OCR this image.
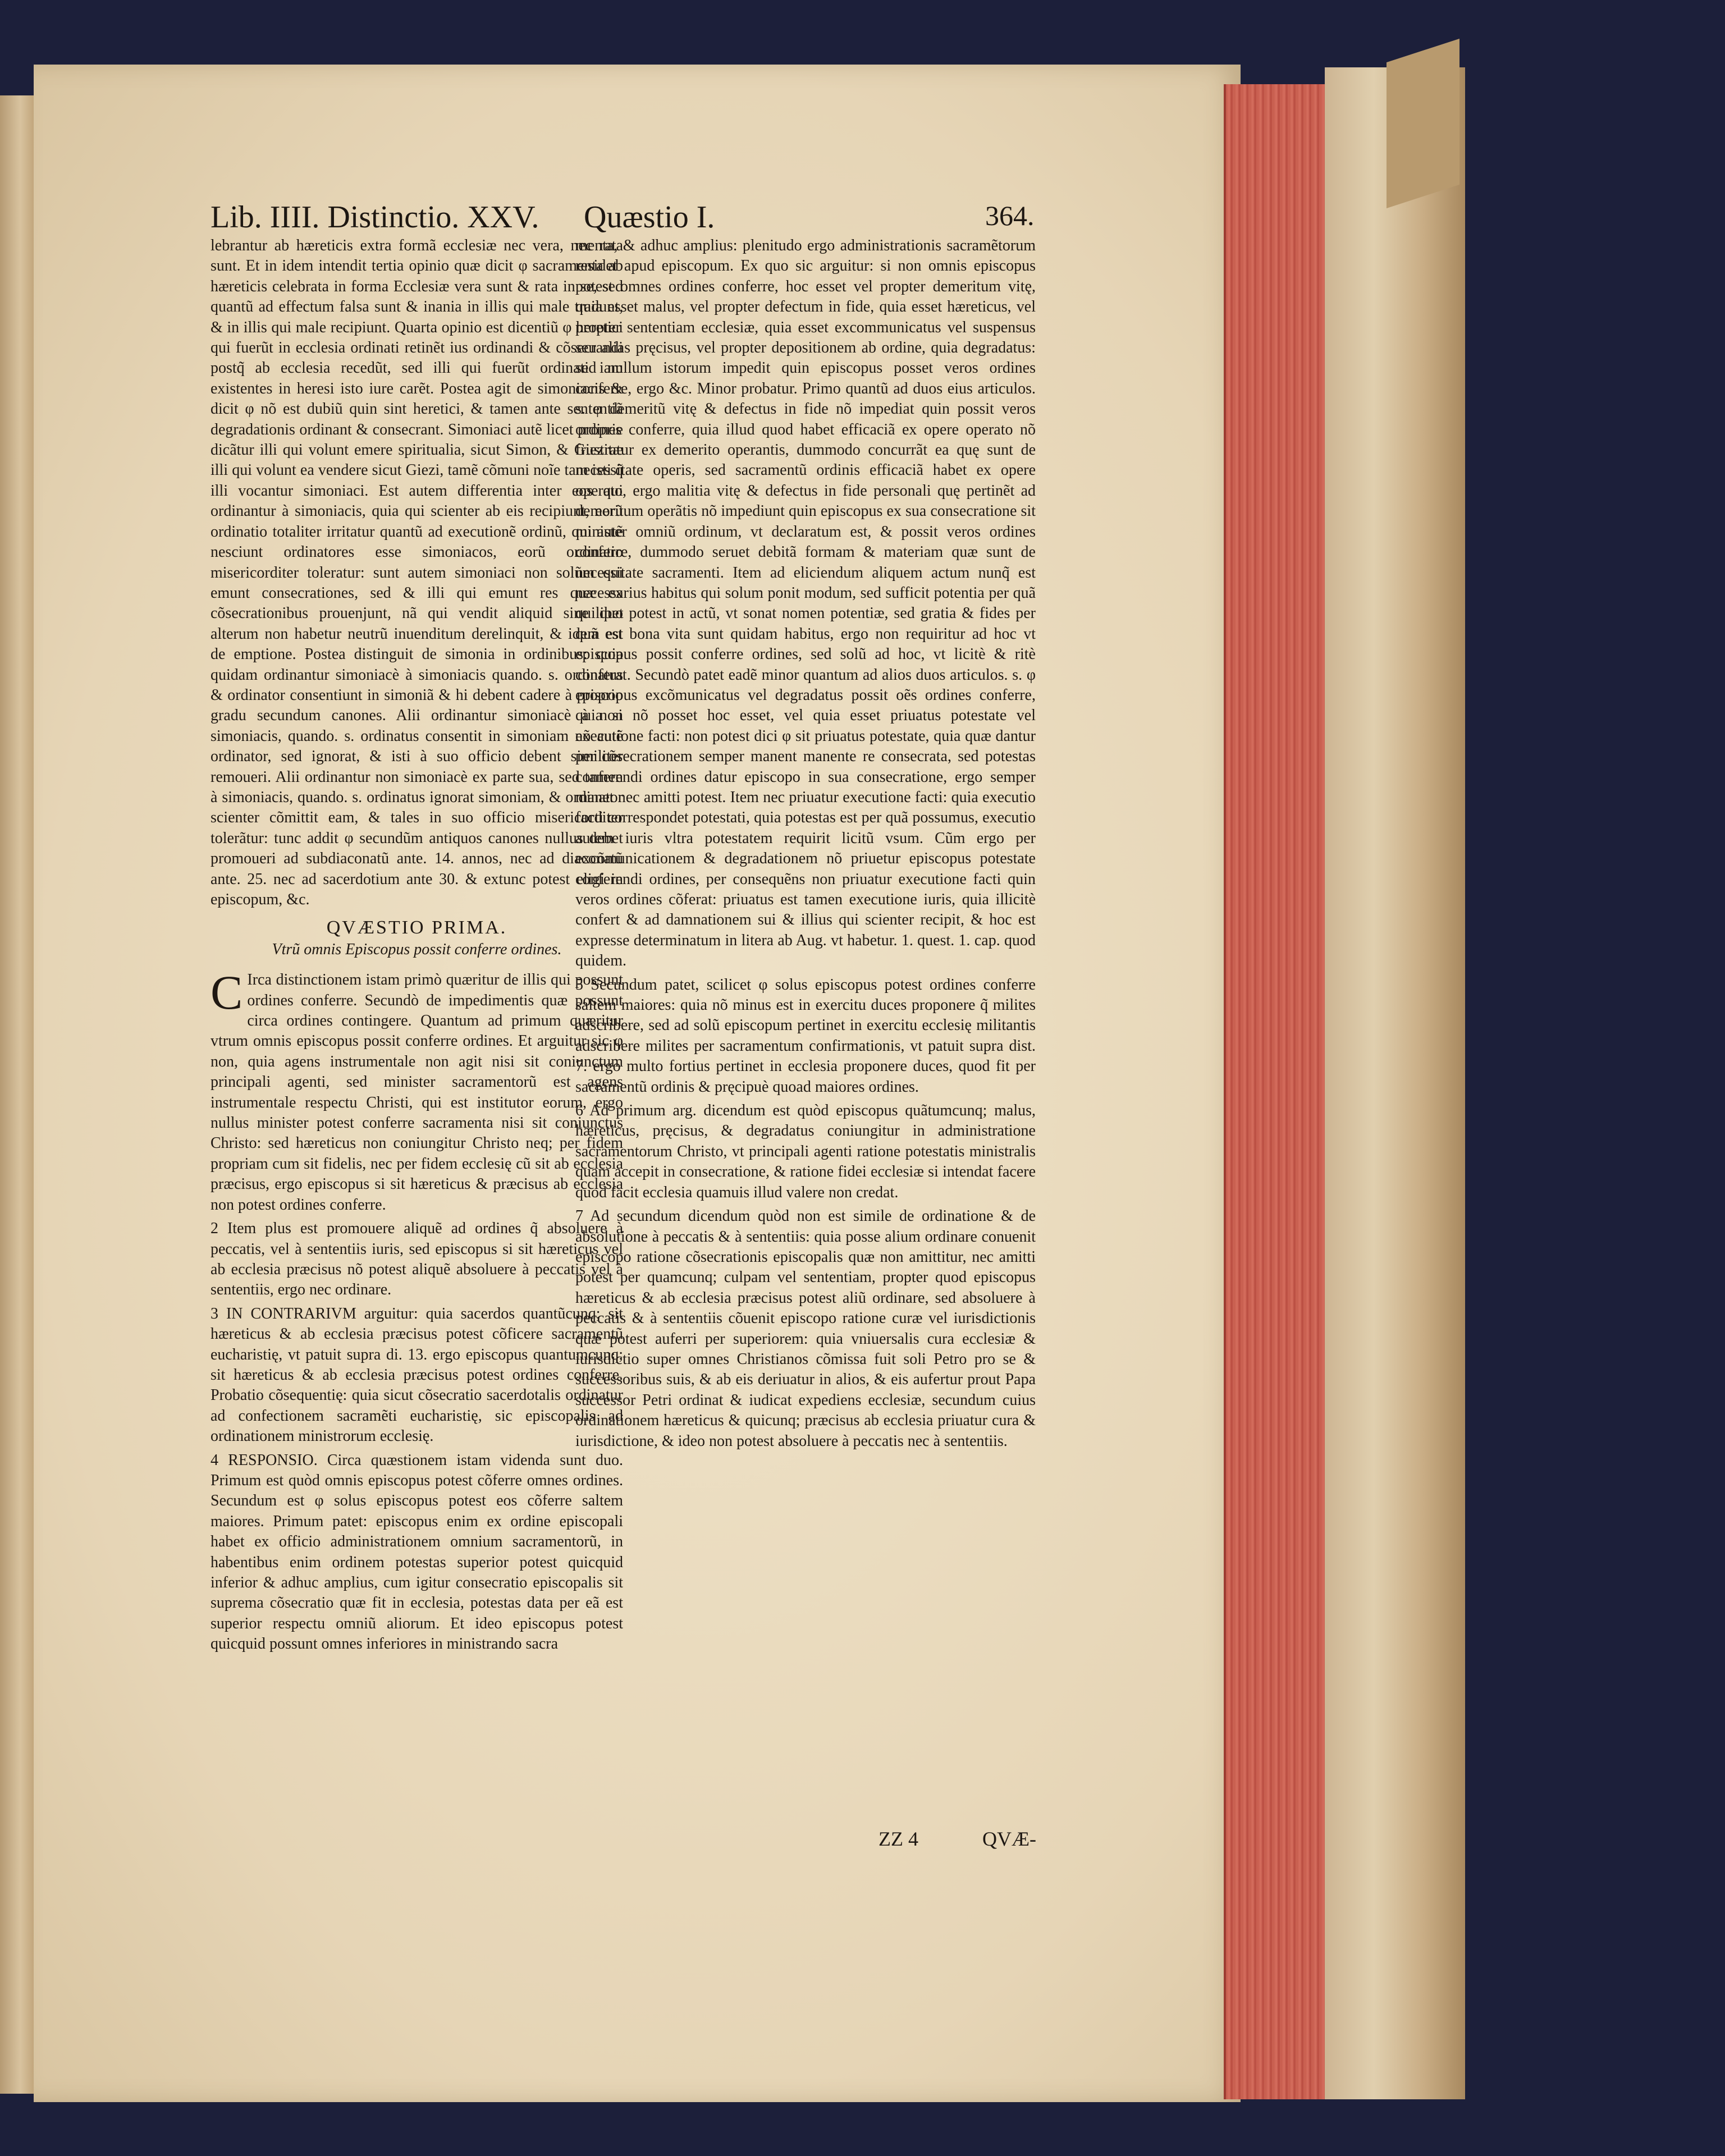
Lib. IIII. Distinctio. XXV. Quæstio I.	364.

lebrantur ab hæreticis extra formã ecclesiæ nec vera, nec rata sunt. Et in idem intendit tertia opinio quæ dicit φ sacramenta ab hæreticis celebrata in forma Ecclesiæ vera sunt & rata in se, sed quantũ ad effectum falsa sunt & inania in illis qui male tradunt, & in illis qui male recipiunt. Quarta opinio est dicentiũ φ heretici qui fuerũt in ecclesia ordinati retinẽt ius ordinandi & cõsecrandi postq̃ ab ecclesia recedũt, sed illi qui fuerũt ordinati iam existentes in heresi isto iure carẽt. Postea agit de simoniacis & dicit φ nõ est dubiũ quin sint heretici, & tamen ante sententiã degradationis ordinant & consecrant. Simoniaci autẽ licet proprie dicãtur illi qui volunt emere spiritualia, sicut Simon, & Giezitæ illi qui volunt ea vendere sicut Giezi, tamẽ cõmuni noĩe tam isti q̃ illi vocantur simoniaci. Est autem differentia inter eos qui ordinantur à simoniacis, quia qui scienter ab eis recipiunt, eorũ ordinatio totaliter irritatur quantũ ad executionẽ ordinũ, qui autẽ nesciunt ordinatores esse simoniacos, eorũ ordinatio misericorditer toleratur: sunt autem simoniaci non solũm qui emunt consecrationes, sed & illi qui emunt res quæ ex cõsecrationibus prouenjunt, nã qui vendit aliquid sine quo alterum non habetur neutrũ inuenditum derelinquit, & idem est de emptione. Postea distinguit de simonia in ordinibus: quia quidam ordinantur simoniacè à simoniacis quando. s. ordinatus & ordinator consentiunt in simoniã & hi debent cadere à proprio gradu secundum canones. Alii ordinantur simoniacè à non simoniacis, quando. s. ordinatus consentit in simoniam nõ autẽ ordinator, sed ignorat, & isti à suo officio debent similiter remoueri. Alii ordinantur non simoniacè ex parte sua, sed tamen à simoniacis, quando. s. ordinatus ignorat simoniam, & ordinator scienter cõmittit eam, & tales in suo officio misericorditer tolerãtur: tunc addit φ secundũm antiquos canones nullus debet promoueri ad subdiaconatũ ante. 14. annos, nec ad diaconatũ ante. 25. nec ad sacerdotium ante 30. & extunc potest eligi in episcopum, &c.

QVÆSTIO PRIMA.
Vtrũ omnis Episcopus possit conferre ordines.

C Irca distinctionem istam primò quæritur de illis qui possunt ordines conferre. Secundò de impedimentis quæ possunt circa ordines contingere. Quantum ad primum quæritur vtrum omnis episcopus possit conferre ordines. Et arguitur sic φ non, quia agens instrumentale non agit nisi sit coniunctum principali agenti, sed minister sacramentorũ est agens instrumentale respectu Christi, qui est institutor eorum, ergo nullus minister potest conferre sacramenta nisi sit coniunctus Christo: sed hæreticus non coniungitur Christo neq; per fidem propriam cum sit fidelis, nec per fidem ecclesię cũ sit ab ecclesia præcisus, ergo episcopus si sit hæreticus & præcisus ab ecclesia non potest ordines conferre.

2 Item plus est promouere aliquẽ ad ordines q̃ absoluere à peccatis, vel à sententiis iuris, sed episcopus si sit hæreticus vel ab ecclesia præcisus nõ potest aliquẽ absoluere à peccatis vel à sententiis, ergo nec ordinare.

3 IN CONTRARIVM arguitur: quia sacerdos quantũcunq; sit hæreticus & ab ecclesia præcisus potest cõficere sacramentũ eucharistię, vt patuit supra di. 13. ergo episcopus quantumcunq; sit hæreticus & ab ecclesia præcisus potest ordines conferre. Probatio cõsequentię: quia sicut cõsecratio sacerdotalis ordinatur ad confectionem sacramẽti eucharistię, sic episcopalis ad ordinationem ministrorum ecclesię.

4 RESPONSIO. Circa quæstionem istam videnda sunt duo. Primum est quòd omnis episcopus potest cõferre omnes ordines. Secundum est φ solus episcopus potest eos cõferre saltem maiores. Primum patet: episcopus enim ex ordine episcopali habet ex officio administrationem omnium sacramentorũ, in habentibus enim ordinem potestas superior potest quicquid inferior & adhuc amplius, cum igitur consecratio episcopalis sit suprema cõsecratio quæ fit in ecclesia, potestas data per eã est superior respectu omniũ aliorum. Et ideo episcopus potest quicquid possunt omnes inferiores in ministrando sacra

menta, & adhuc amplius: plenitudo ergo administrationis sacramẽtorum residet apud episcopum. Ex quo sic arguitur: si non omnis episcopus potest omnes ordines conferre, hoc esset vel propter demeritum vitę, quia esset malus, vel propter defectum in fide, quia esset hæreticus, vel propter sententiam ecclesiæ, quia esset excommunicatus vel suspensus seu alias pręcisus, vel propter depositionem ab ordine, quia degradatus: sed nullum istorum impedit quin episcopus posset veros ordines conferre, ergo &c. Minor probatur. Primo quantũ ad duos eius articulos. s. φ demeritũ vitę & defectus in fide nõ impediat quin possit veros ordines conferre, quia illud quod habet efficaciã ex opere operato nõ frustratur ex demerito operantis, dummodo concurrãt ea quę sunt de necessitate operis, sed sacramentũ ordinis efficaciã habet ex opere operato, ergo malitia vitę & defectus in fide personali quę pertinẽt ad demeritum operãtis nõ impediunt quin episcopus ex sua consecratione sit minister omniũ ordinum, vt declaratum est, & possit veros ordines conferre, dummodo seruet debitã formam & materiam quæ sunt de necessitate sacramenti. Item ad eliciendum aliquem actum nunq̃ est necessarius habitus qui solum ponit modum, sed sufficit potentia per quã quilibet potest in actũ, vt sonat nomen potentiæ, sed gratia & fides per quã est bona vita sunt quidam habitus, ergo non requiritur ad hoc vt episcopus possit conferre ordines, sed solũ ad hoc, vt licitè & ritè conferat. Secundò patet eadẽ minor quantum ad alios duos articulos. s. φ episcopus excõmunicatus vel degradatus possit oẽs ordines conferre, quia si nõ posset hoc esset, vel quia esset priuatus potestate vel executione facti: non potest dici φ sit priuatus potestate, quia quæ dantur per cõsecrationem semper manent manente re consecrata, sed potestas conferendi ordines datur episcopo in sua consecratione, ergo semper manet nec amitti potest. Item nec priuatur executione facti: quia executio facti correspondet potestati, quia potestas est per quã possumus, executio autem iuris vltra potestatem requirit licitũ vsum. Cũm ergo per excõmunicationem & degradationem nõ priuetur episcopus potestate conferendi ordines, per consequẽns non priuatur executione facti quin veros ordines cõferat: priuatus est tamen executione iuris, quia illicitè confert & ad damnationem sui & illius qui scienter recipit, & hoc est expresse determinatum in litera ab Aug. vt habetur. 1. quest. 1. cap. quod quidem.

5 Secundum patet, scilicet φ solus episcopus potest ordines conferre saltem maiores: quia nõ minus est in exercitu duces proponere q̃ milites adscribere, sed ad solũ episcopum pertinet in exercitu ecclesię militantis adscribere milites per sacramentum confirmationis, vt patuit supra dist. 7. ergo multo fortius pertinet in ecclesia proponere duces, quod fit per sacramentũ ordinis & pręcipuè quoad maiores ordines.

6 Ad primum arg. dicendum est quòd episcopus quãtumcunq; malus, hæreticus, pręcisus, & degradatus coniungitur in administratione sacramentorum Christo, vt principali agenti ratione potestatis ministralis quam accepit in consecratione, & ratione fidei ecclesiæ si intendat facere quod facit ecclesia quamuis illud valere non credat.

7 Ad secundum dicendum quòd non est simile de ordinatione & de absolutione à peccatis & à sententiis: quia posse alium ordinare conuenit episcopo ratione cõsecrationis episcopalis quæ non amittitur, nec amitti potest per quamcunq; culpam vel sententiam, propter quod episcopus hæreticus & ab ecclesia præcisus potest aliũ ordinare, sed absoluere à peccatis & à sententiis cõuenit episcopo ratione curæ vel iurisdictionis quæ potest auferri per superiorem: quia vniuersalis cura ecclesiæ & iurisdictio super omnes Christianos cõmissa fuit soli Petro pro se & successoribus suis, & ab eis deriuatur in alios, & eis aufertur prout Papa successor Petri ordinat & iudicat expediens ecclesiæ, secundum cuius ordinationem hæreticus & quicunq; præcisus ab ecclesia priuatur cura & iurisdictione, & ideo non potest absoluere à peccatis nec à sententiis.

ZZ 4	QVÆ-
